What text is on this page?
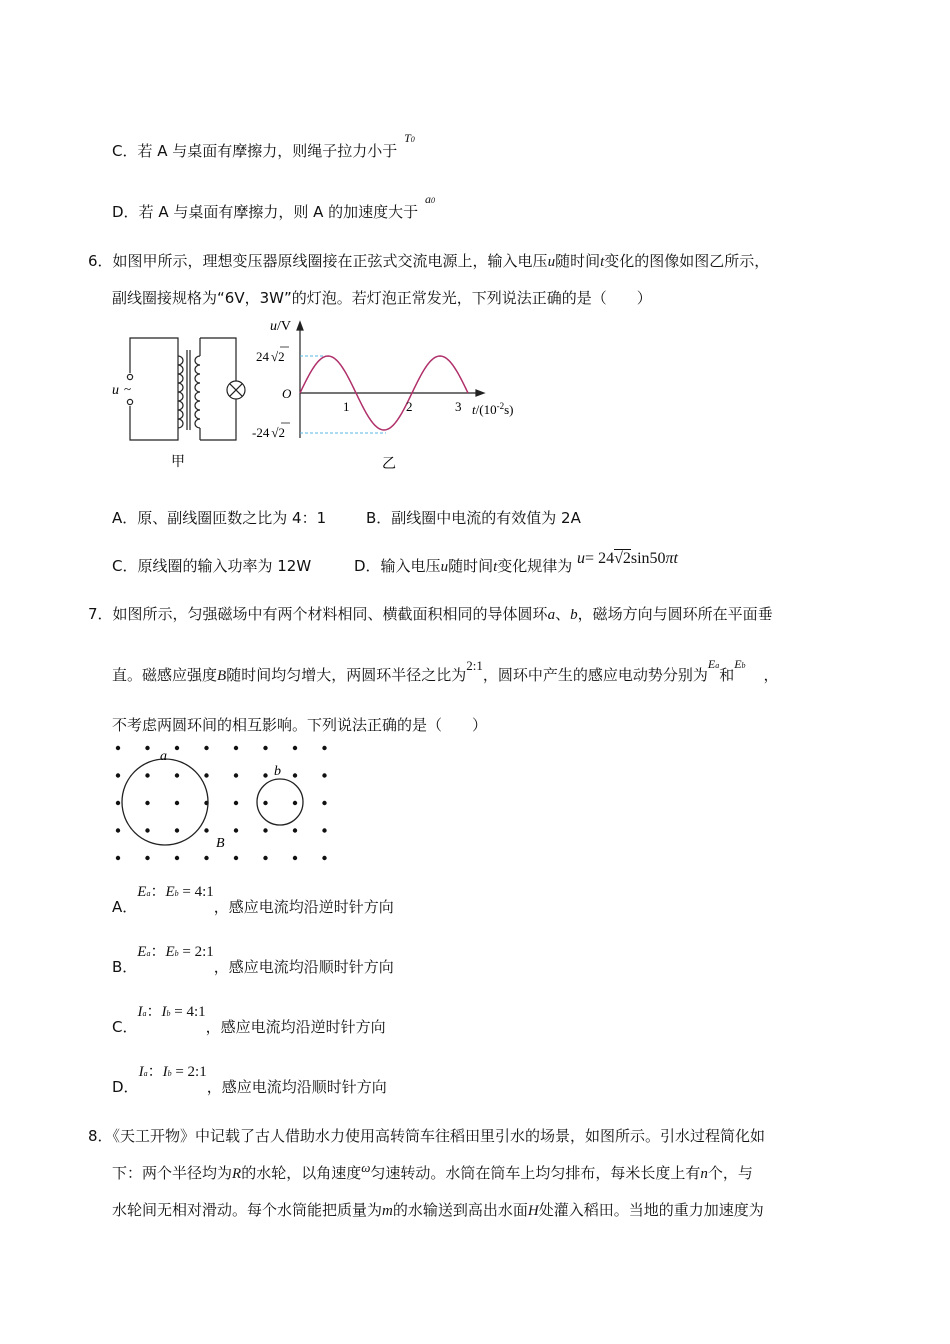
C．若 A 与桌面有摩擦力，则绳子拉力小于 $^{T0}$
D．若 A 与桌面有摩擦力，则 A 的加速度大于 $^{a0}$
6．如图甲所示，理想变压器原线圈接在正弦式交流电源上，输入电压u随时间t变化的图像如图乙所示，
副线圈接规格为“6V，3W”的灯泡。若灯泡正常发光，下列说法正确的是（　　）
u ~
甲
u/V
24 √2
-24 √2
O
1	2	3 $t/(10^{-2}s)$
乙
A．原、副线圈匝数之比为 4：1	B．副线圈中电流的有效值为 2A
C．原线圈的输入功率为 12W	D．输入电压u随时间t变化规律为 u= 24√2sin50πt
7．如图所示，匀强磁场中有两个材料相同、横截面积相同的导体圆环a、b，磁场方向与圆环所在平面垂
直。磁感应强度B随时间均匀增大，两圆环半径之比为2:1，圆环中产生的感应电动势分别为$^{Ea}$和$^{Eb}$，
不考虑两圆环间的相互影响。下列说法正确的是（　　）
a
b
B
A．Ea：Eb = 4:1，感应电流均沿逆时针方向
B．Ea：Eb = 2:1，感应电流均沿顺时针方向
C．Ia：Ib = 4:1，感应电流均沿逆时针方向
D．Ia：Ib = 2:1，感应电流均沿顺时针方向
8．《天工开物》中记载了古人借助水力使用高转筒车往稻田里引水的场景，如图所示。引水过程简化如
下：两个半径均为R的水轮，以角速度ω匀速转动。水筒在筒车上均匀排布，每米长度上有n个，与
水轮间无相对滑动。每个水筒能把质量为m的水输送到高出水面H处灌入稻田。当地的重力加速度为
